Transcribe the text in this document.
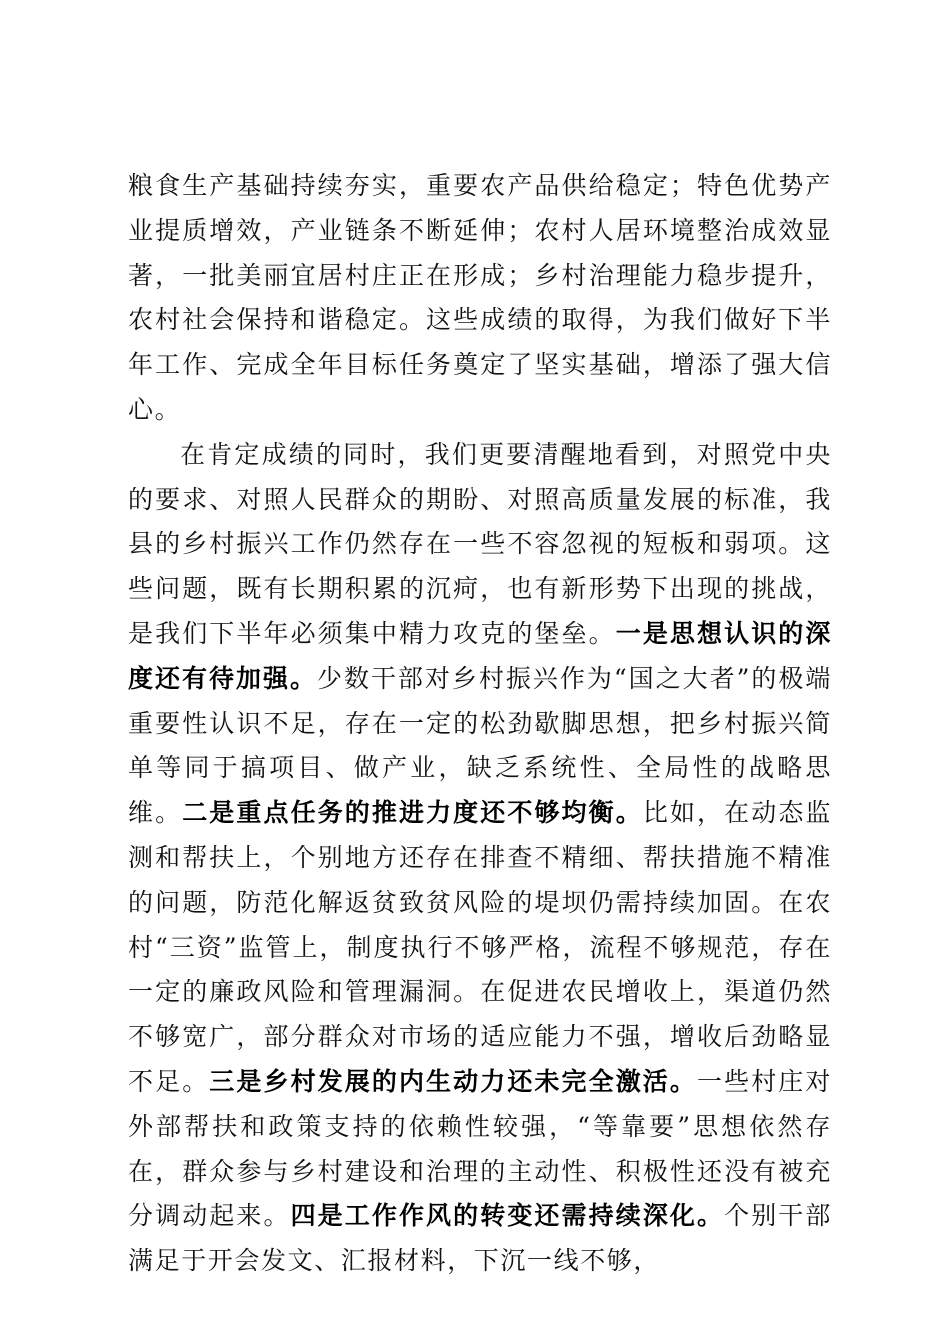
粮食生产基础持续夯实，重要农产品供给稳定；特色优势产业提质增效，产业链条不断延伸；农村人居环境整治成效显著，一批美丽宜居村庄正在形成；乡村治理能力稳步提升，农村社会保持和谐稳定。这些成绩的取得，为我们做好下半年工作、完成全年目标任务奠定了坚实基础，增添了强大信心。

在肯定成绩的同时，我们更要清醒地看到，对照党中央的要求、对照人民群众的期盼、对照高质量发展的标准，我县的乡村振兴工作仍然存在一些不容忽视的短板和弱项。这些问题，既有长期积累的沉疴，也有新形势下出现的挑战，是我们下半年必须集中精力攻克的堡垒。一是思想认识的深度还有待加强。少数干部对乡村振兴作为“国之大者”的极端重要性认识不足，存在一定的松劲歇脚思想，把乡村振兴简单等同于搞项目、做产业，缺乏系统性、全局性的战略思维。二是重点任务的推进力度还不够均衡。比如，在动态监测和帮扶上，个别地方还存在排查不精细、帮扶措施不精准的问题，防范化解返贫致贫风险的堤坝仍需持续加固。在农村“三资”监管上，制度执行不够严格，流程不够规范，存在一定的廉政风险和管理漏洞。在促进农民增收上，渠道仍然不够宽广，部分群众对市场的适应能力不强，增收后劲略显不足。三是乡村发展的内生动力还未完全激活。一些村庄对外部帮扶和政策支持的依赖性较强，“等靠要”思想依然存在，群众参与乡村建设和治理的主动性、积极性还没有被充分调动起来。四是工作作风的转变还需持续深化。个别干部满足于开会发文、汇报材料，下沉一线不够，
